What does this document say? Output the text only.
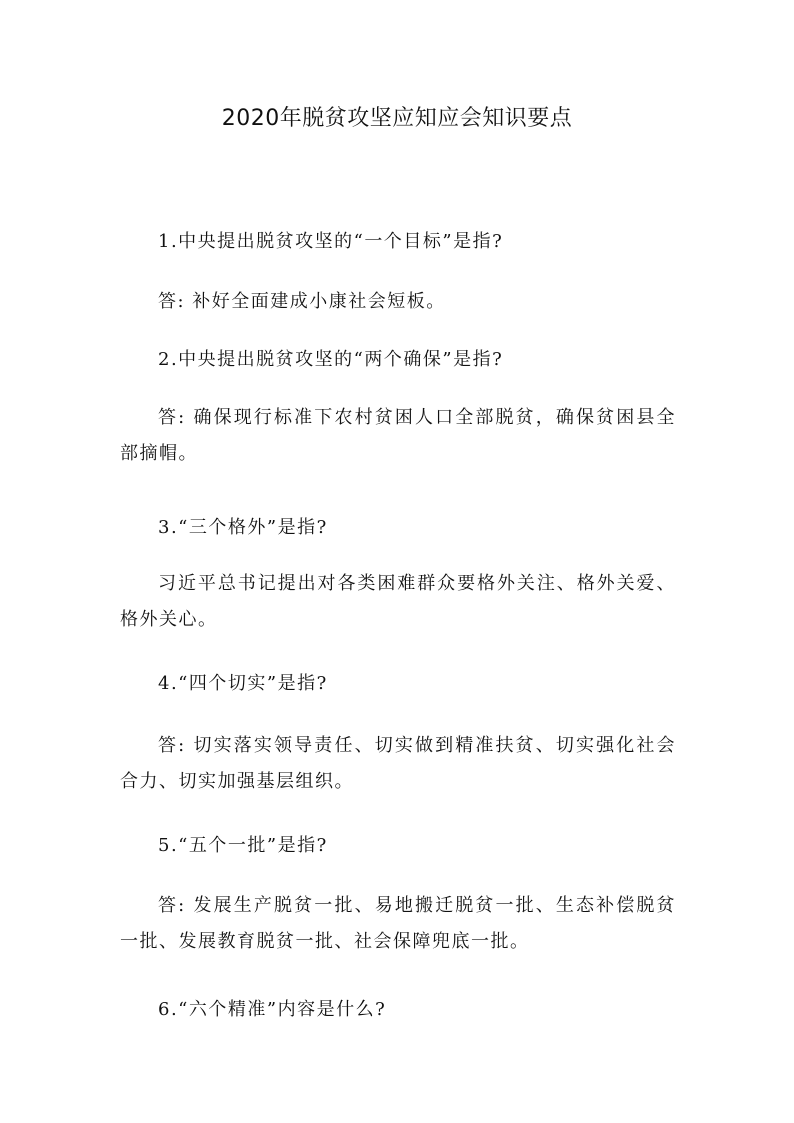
2020年脱贫攻坚应知应会知识要点
1.中央提出脱贫攻坚的“一个目标”是指?
答: 补好全面建成小康社会短板。
2.中央提出脱贫攻坚的“两个确保”是指?
答: 确保现行标准下农村贫困人口全部脱贫，确保贫困县全部摘帽。
3.“三个格外”是指?
习近平总书记提出对各类困难群众要格外关注、格外关爱、格外关心。
4.“四个切实”是指?
答: 切实落实领导责任、切实做到精准扶贫、切实强化社会合力、切实加强基层组织。
5.“五个一批”是指?
答: 发展生产脱贫一批、易地搬迁脱贫一批、生态补偿脱贫一批、发展教育脱贫一批、社会保障兜底一批。
6.“六个精准”内容是什么?
